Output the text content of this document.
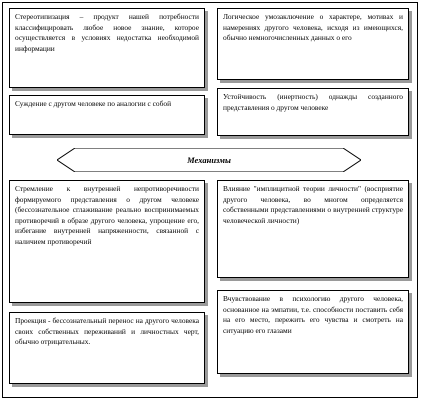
Стереотипизация – продукт нашей потребности классифицировать любое новое знание, которое осуществляется в условиях недостатка необходимой информации
Логическое умозаключение о характере, мотивах и намерениях другого человека, исходя из имеющихся, обычно немногочисленных данных о его
Суждение с другом человеке по аналогии с собой
Устойчивость (инертность) однажды созданного представления о другом человеке
Механизмы
Стремление к внутренней непротиворечивости формируемого представления о другом человеке (бессознательное сглаживание реально воспринимаемых противоречий в образе другого человека, упрощение его, избегание внутренней напряженности, связанной с наличием противоречий
Влияние "имплицитной теории личности" (восприятие другого человека, во многом определяется собственными представлениями о внутренней структуре человеческой личности)
Проекция - бессознательный перенос на другого человека своих собственных переживаний и личностных черт, обычно отрицательных.
Вчувствование в психологию другого человека, основанное на эмпатии, т.е. способности поставить себя на его место, пережить его чувства и смотреть на ситуацию его глазами
